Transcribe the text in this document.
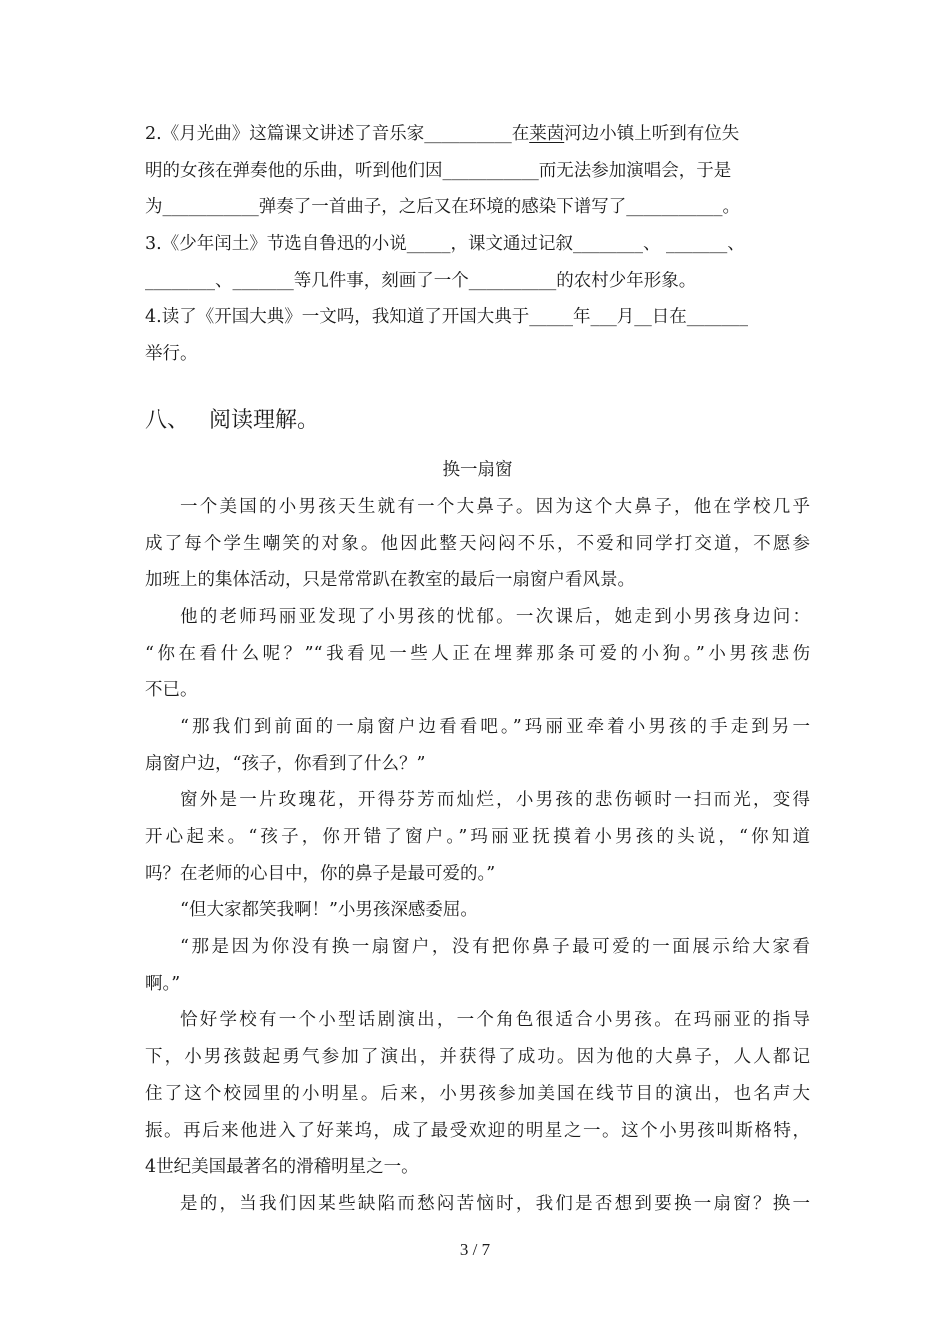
2.《月光曲》这篇课文讲述了音乐家__________在莱茵河边小镇上听到有位失
明的女孩在弹奏他的乐曲，听到他们因___________而无法参加演唱会，于是
为___________弹奏了一首曲子，之后又在环境的感染下谱写了___________。
3.《少年闰土》节选自鲁迅的小说_____，课文通过记叙________、 _______、
________、_______等几件事，刻画了一个__________的农村少年形象。
4.读了《开国大典》一文吗，我知道了开国大典于_____年___月__日在_______
举行。
八、 阅读理解。
换一扇窗
一个美国的小男孩天生就有一个大鼻子。因为这个大鼻子，他在学校几乎
成了每个学生嘲笑的对象。他因此整天闷闷不乐，不爱和同学打交道，不愿参
加班上的集体活动，只是常常趴在教室的最后一扇窗户看风景。
他的老师玛丽亚发现了小男孩的忧郁。一次课后，她走到小男孩身边问：
“你在看什么呢？”“我看见一些人正在埋葬那条可爱的小狗。”小男孩悲伤
不已。
“那我们到前面的一扇窗户边看看吧。”玛丽亚牵着小男孩的手走到另一
扇窗户边，“孩子，你看到了什么？”
窗外是一片玫瑰花，开得芬芳而灿烂，小男孩的悲伤顿时一扫而光，变得
开心起来。“孩子，你开错了窗户。”玛丽亚抚摸着小男孩的头说，“你知道
吗？在老师的心目中，你的鼻子是最可爱的。”
“但大家都笑我啊！”小男孩深感委屈。
“那是因为你没有换一扇窗户，没有把你鼻子最可爱的一面展示给大家看
啊。”
恰好学校有一个小型话剧演出，一个角色很适合小男孩。在玛丽亚的指导
下，小男孩鼓起勇气参加了演出，并获得了成功。因为他的大鼻子，人人都记
住了这个校园里的小明星。后来，小男孩参加美国在线节目的演出，也名声大
振。再后来他进入了好莱坞，成了最受欢迎的明星之一。这个小男孩叫斯格特，
4世纪美国最著名的滑稽明星之一。
是的，当我们因某些缺陷而愁闷苦恼时，我们是否想到要换一扇窗？换一
3 / 7
